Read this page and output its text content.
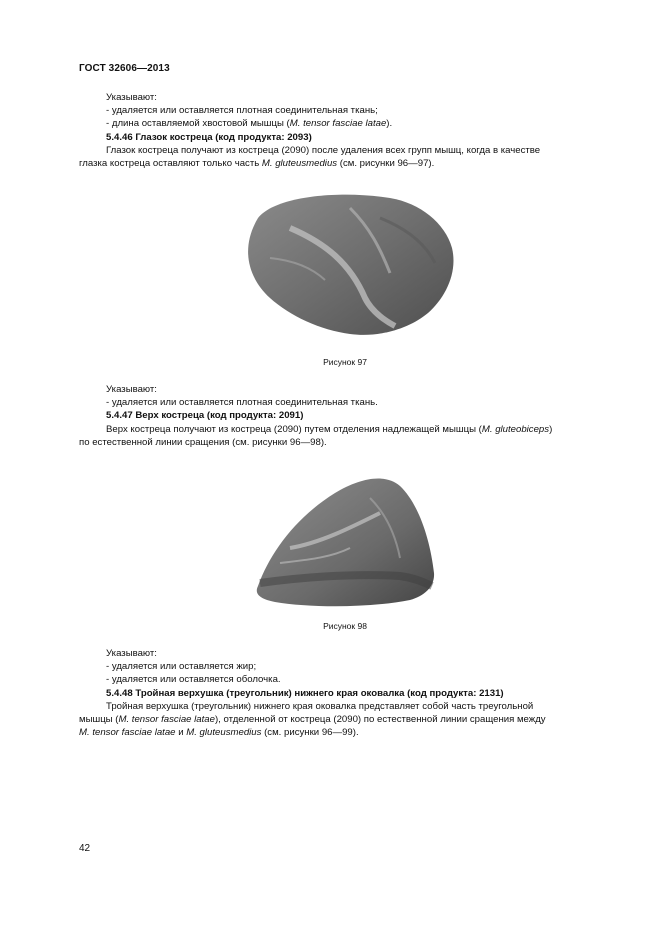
ГОСТ 32606—2013
Указывают:
- удаляется или оставляется плотная соединительная ткань;
- длина оставляемой хвостовой мышцы (M. tensor fasciae latae).
5.4.46 Глазок кострецa (код продукта: 2093)
Глазок кострецa получают из кострецa (2090) после удаления всех групп мышц, когда в качестве
глазка кострецa оставляют только часть M. gluteusmedius (см. рисунки 96—97).
Рисунок 97
Указывают:
- удаляется или оставляется плотная соединительная ткань.
5.4.47 Верх кострецa (код продукта: 2091)
Верх кострецa получают из кострецa (2090) путем отделения надлежащей мышцы (M. gluteobiceps)
по естественной линии сращения (см. рисунки 96—98).
Рисунок 98
Указывают:
- удаляется или оставляется жир;
- удаляется или оставляется оболочка.
5.4.48 Тройная верхушка (треугольник) нижнего края оковалка (код продукта: 2131)
Тройная верхушка (треугольник) нижнего края оковалка представляет собой часть треугольной
мышцы (M. tensor fasciae latae), отделенной от кострецa (2090) по естественной линии сращения между
M. tensor fasciae latae и M. gluteusmedius (см. рисунки 96—99).
42
